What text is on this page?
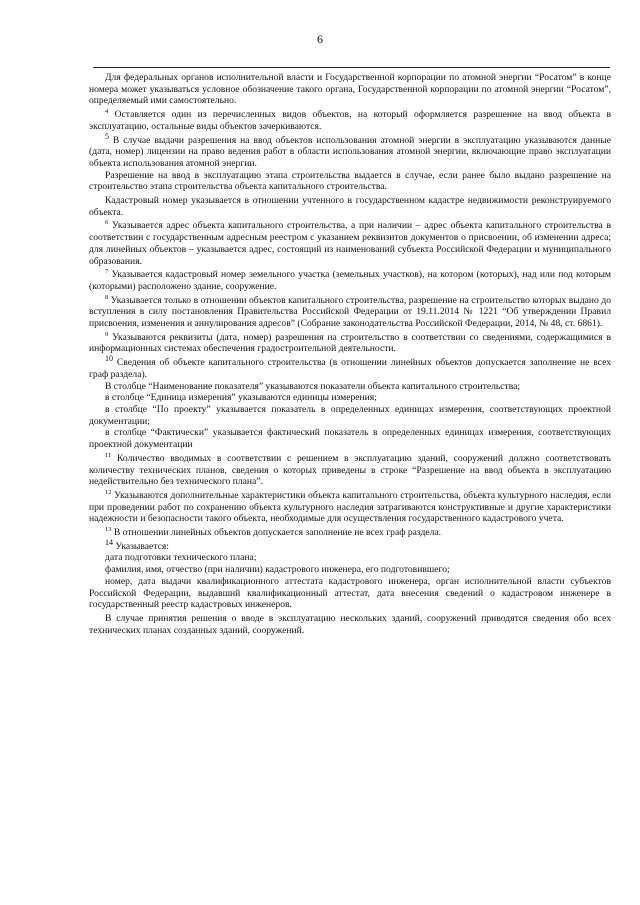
6

Для федеральных органов исполнительной власти и Государственной корпорации по атомной энергии “Росатом” в конце номера может указываться условное обозначение такого органа, Государственной корпорации по атомной энергии “Росатом”, определяемый ими самостоятельно.

$^4$ Оставляется один из перечисленных видов объектов, на который оформляется разрешение на ввод объекта в эксплуатацию, остальные виды объектов зачеркиваются.

$^5$ В случае выдачи разрешения на ввод объектов использования атомной энергии в эксплуатацию указываются данные (дата, номер) лицензии на право ведения работ в области использования атомной энергии, включающие право эксплуатации объекта использования атомной энергии.

Разрешение на ввод в эксплуатацию этапа строительства выдается в случае, если ранее было выдано разрешение на строительство этапа строительства объекта капитального строительства.

Кадастровый номер указывается в отношении учтенного в государственном кадастре недвижимости реконструируемого объекта.

$^6$ Указывается адрес объекта капитального строительства, а при наличии – адрес объекта капитального строительства в соответствии с государственным адресным реестром с указанием реквизитов документов о присвоении, об изменении адреса; для линейных объектов – указывается адрес, состоящий из наименований субъекта Российской Федерации и муниципального образования.

$^7$ Указывается кадастровый номер земельного участка (земельных участков), на котором (которых), над или под которым (которыми) расположено здание, сооружение.

$^8$ Указывается только в отношении объектов капитального строительства, разрешение на строительство которых выдано до вступления в силу постановления Правительства Российской Федерации от 19.11.2014 № 1221 “Об утверждении Правил присвоения, изменения и аннулирования адресов” (Собрание законодательства Российской Федерации, 2014, № 48, ст. 6861).

$^9$ Указываются реквизиты (дата, номер) разрешения на строительство в соответствии со сведениями, содержащимися в информационных системах обеспечения градостроительной деятельности.

$^{10}$ Сведения об объекте капитального строительства (в отношении линейных объектов допускается заполнение не всех граф раздела).

В столбце “Наименование показателя” указываются показатели объекта капитального строительства;

в столбце “Единица измерения” указываются единицы измерения;

в столбце “По проекту” указывается показатель в определенных единицах измерения, соответствующих проектной документации;

в столбце “Фактически” указывается фактический показатель в определенных единицах измерения, соответствующих проектной документации

$^{11}$ Количество вводимых в соответствии с решением в эксплуатацию зданий, сооружений должно соответствовать количеству технических планов, сведения о которых приведены в строке “Разрешение на ввод объекта в эксплуатацию недействительно без технического плана”.

$^{12}$ Указываются дополнительные характеристики объекта капитального строительства, объекта культурного наследия, если при проведении работ по сохранению объекта культурного наследия затрагиваются конструктивные и другие характеристики надежности и безопасности такого объекта, необходимые для осуществления государственного кадастрового учета.

$^{13}$ В отношении линейных объектов допускается заполнение не всех граф раздела.

$^{14}$ Указывается:

дата подготовки технического плана;

фамилия, имя, отчество (при наличии) кадастрового инженера, его подготовившего;

номер, дата выдачи квалификационного аттестата кадастрового инженера, орган исполнительной власти субъектов Российской Федерации, выдавший квалификационный аттестат, дата внесения сведений о кадастровом инженере в государственный реестр кадастровых инженеров.

В случае принятия решения о вводе в эксплуатацию нескольких зданий, сооружений приводятся сведения обо всех технических планах созданных зданий, сооружений.
